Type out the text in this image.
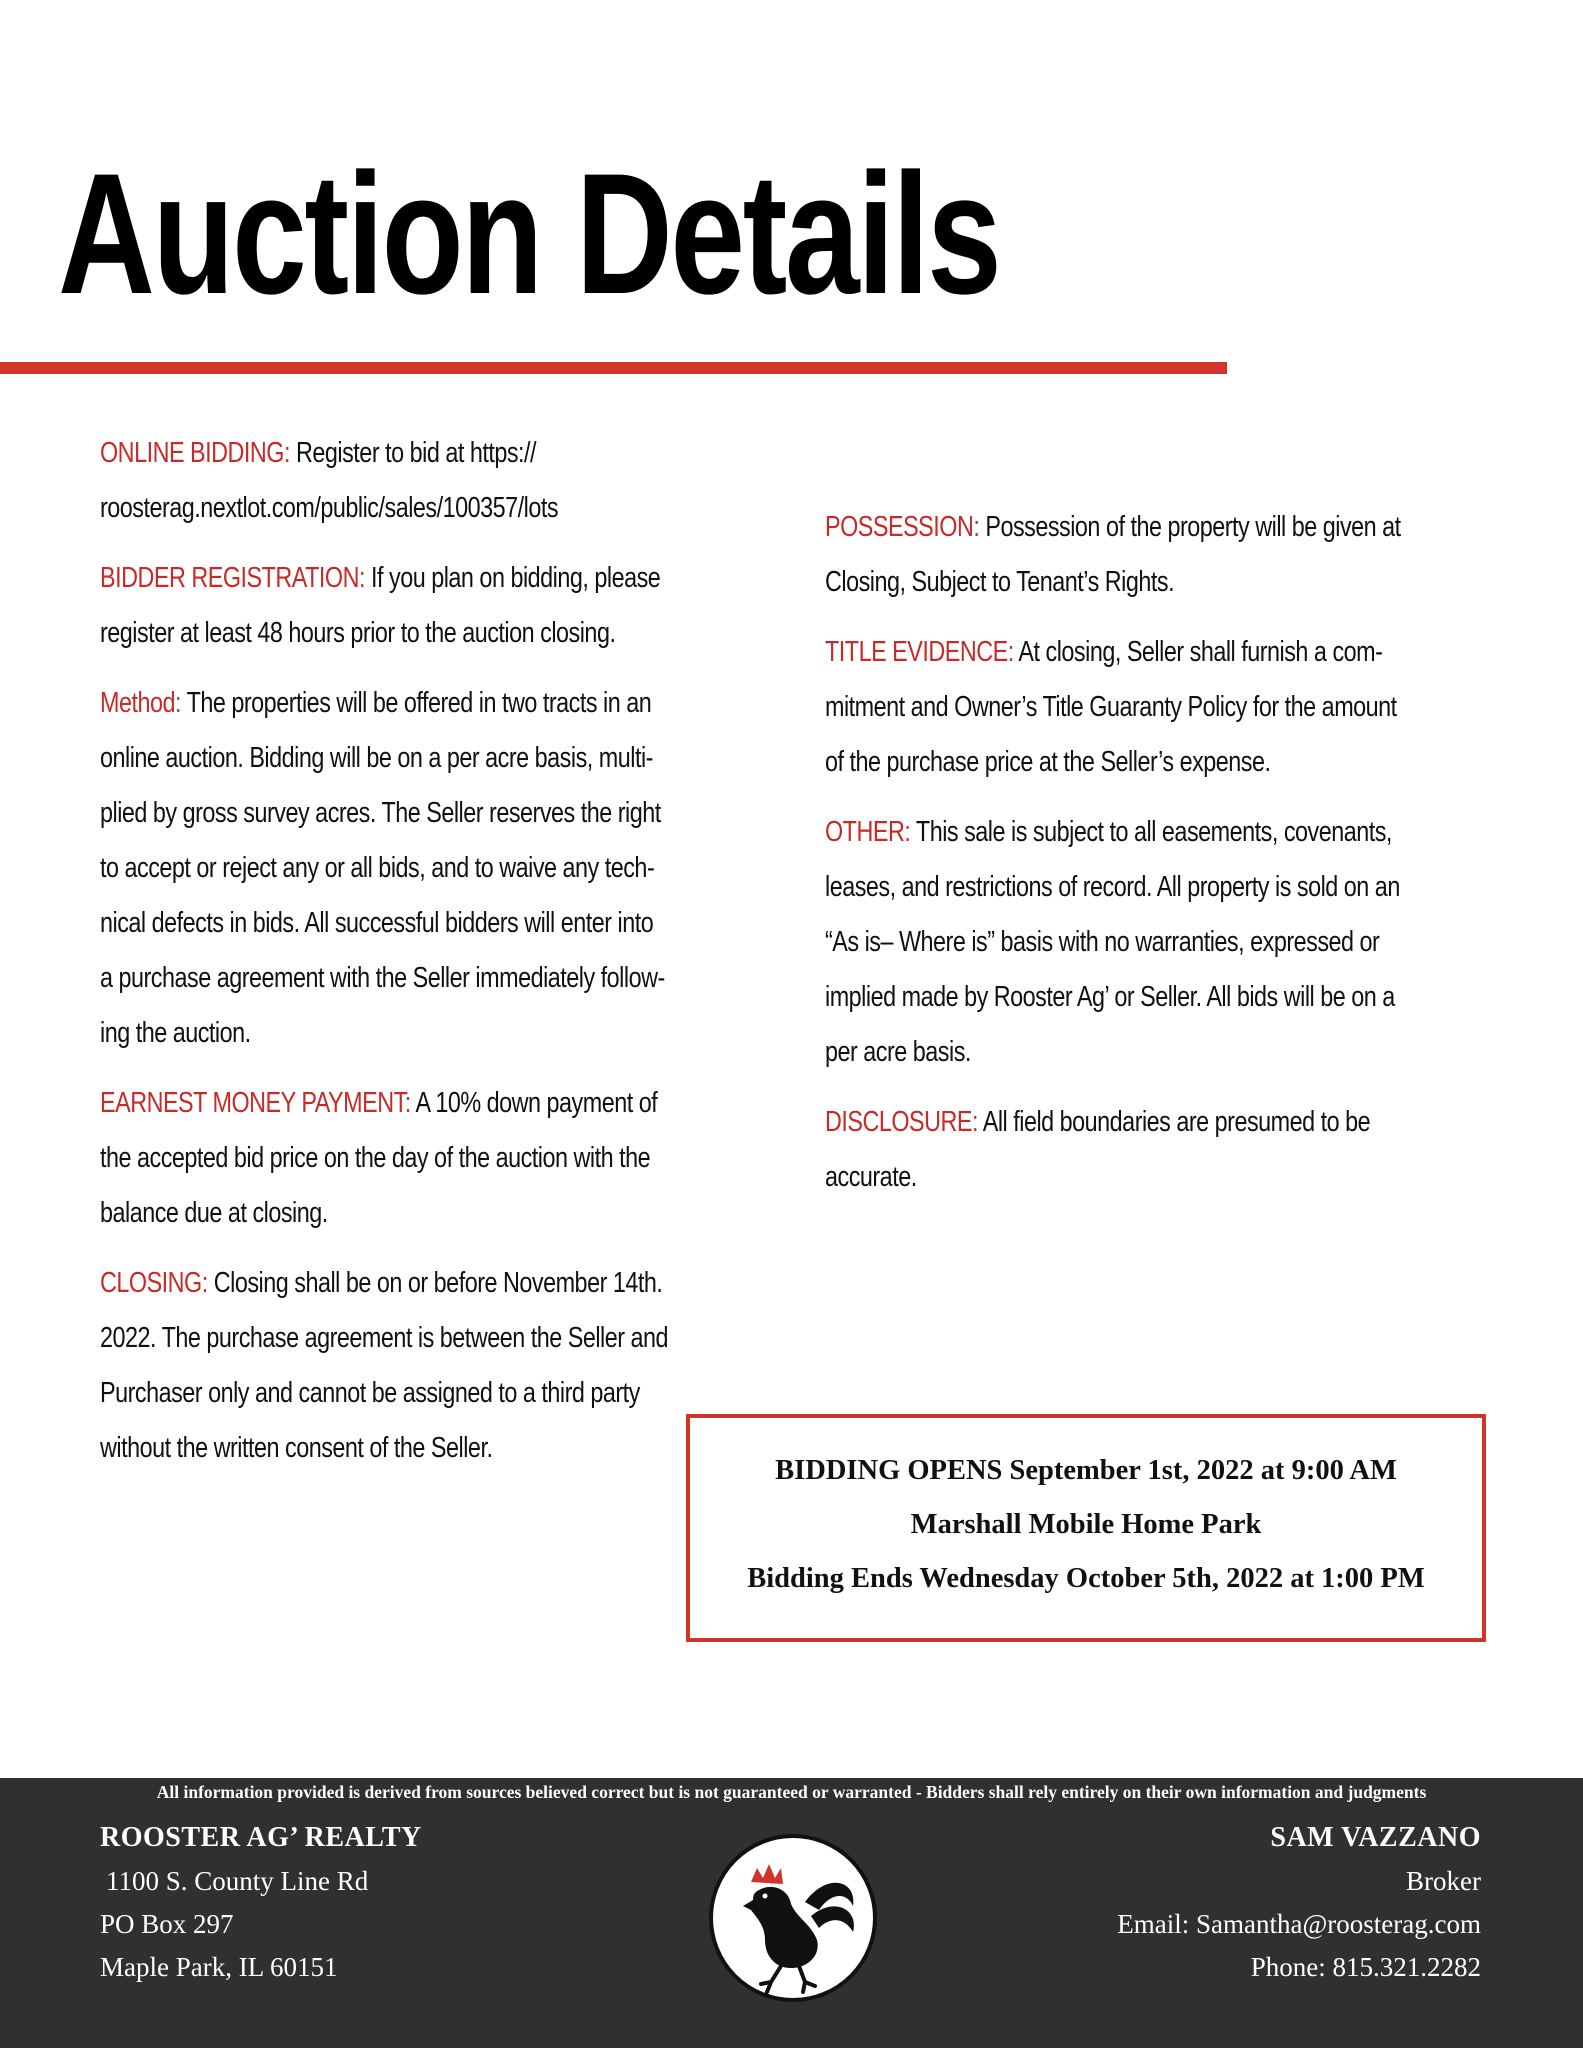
Auction Details
ONLINE BIDDING: Register to bid at https://
roosterag.nextlot.com/public/sales/100357/lots
BIDDER REGISTRATION: If you plan on bidding, please
register at least 48 hours prior to the auction closing.
Method: The properties will be offered in two tracts in an
online auction. Bidding will be on a per acre basis, multi-
plied by gross survey acres. The Seller reserves the right
to accept or reject any or all bids, and to waive any tech-
nical defects in bids. All successful bidders will enter into
a purchase agreement with the Seller immediately follow-
ing the auction.
EARNEST MONEY PAYMENT: A 10% down payment of
the accepted bid price on the day of the auction with the
balance due at closing.
CLOSING: Closing shall be on or before November 14th.
2022. The purchase agreement is between the Seller and
Purchaser only and cannot be assigned to a third party
without the written consent of the Seller.
POSSESSION: Possession of the property will be given at
Closing, Subject to Tenant’s Rights.
TITLE EVIDENCE: At closing, Seller shall furnish a com-
mitment and Owner’s Title Guaranty Policy for the amount
of the purchase price at the Seller’s expense.
OTHER: This sale is subject to all easements, covenants,
leases, and restrictions of record. All property is sold on an
“As is– Where is” basis with no warranties, expressed or
implied made by Rooster Ag’ or Seller. All bids will be on a
per acre basis.
DISCLOSURE: All field boundaries are presumed to be
accurate.
BIDDING OPENS September 1st, 2022 at 9:00 AM
Marshall Mobile Home Park
Bidding Ends Wednesday October 5th, 2022 at 1:00 PM
All information provided is derived from sources believed correct but is not guaranteed or warranted - Bidders shall rely entirely on their own information and judgments
ROOSTER AG’ REALTY
1100 S. County Line Rd
PO Box 297
Maple Park, IL 60151
SAM VAZZANO
Broker
Email: Samantha@roosterag.com
Phone: 815.321.2282
